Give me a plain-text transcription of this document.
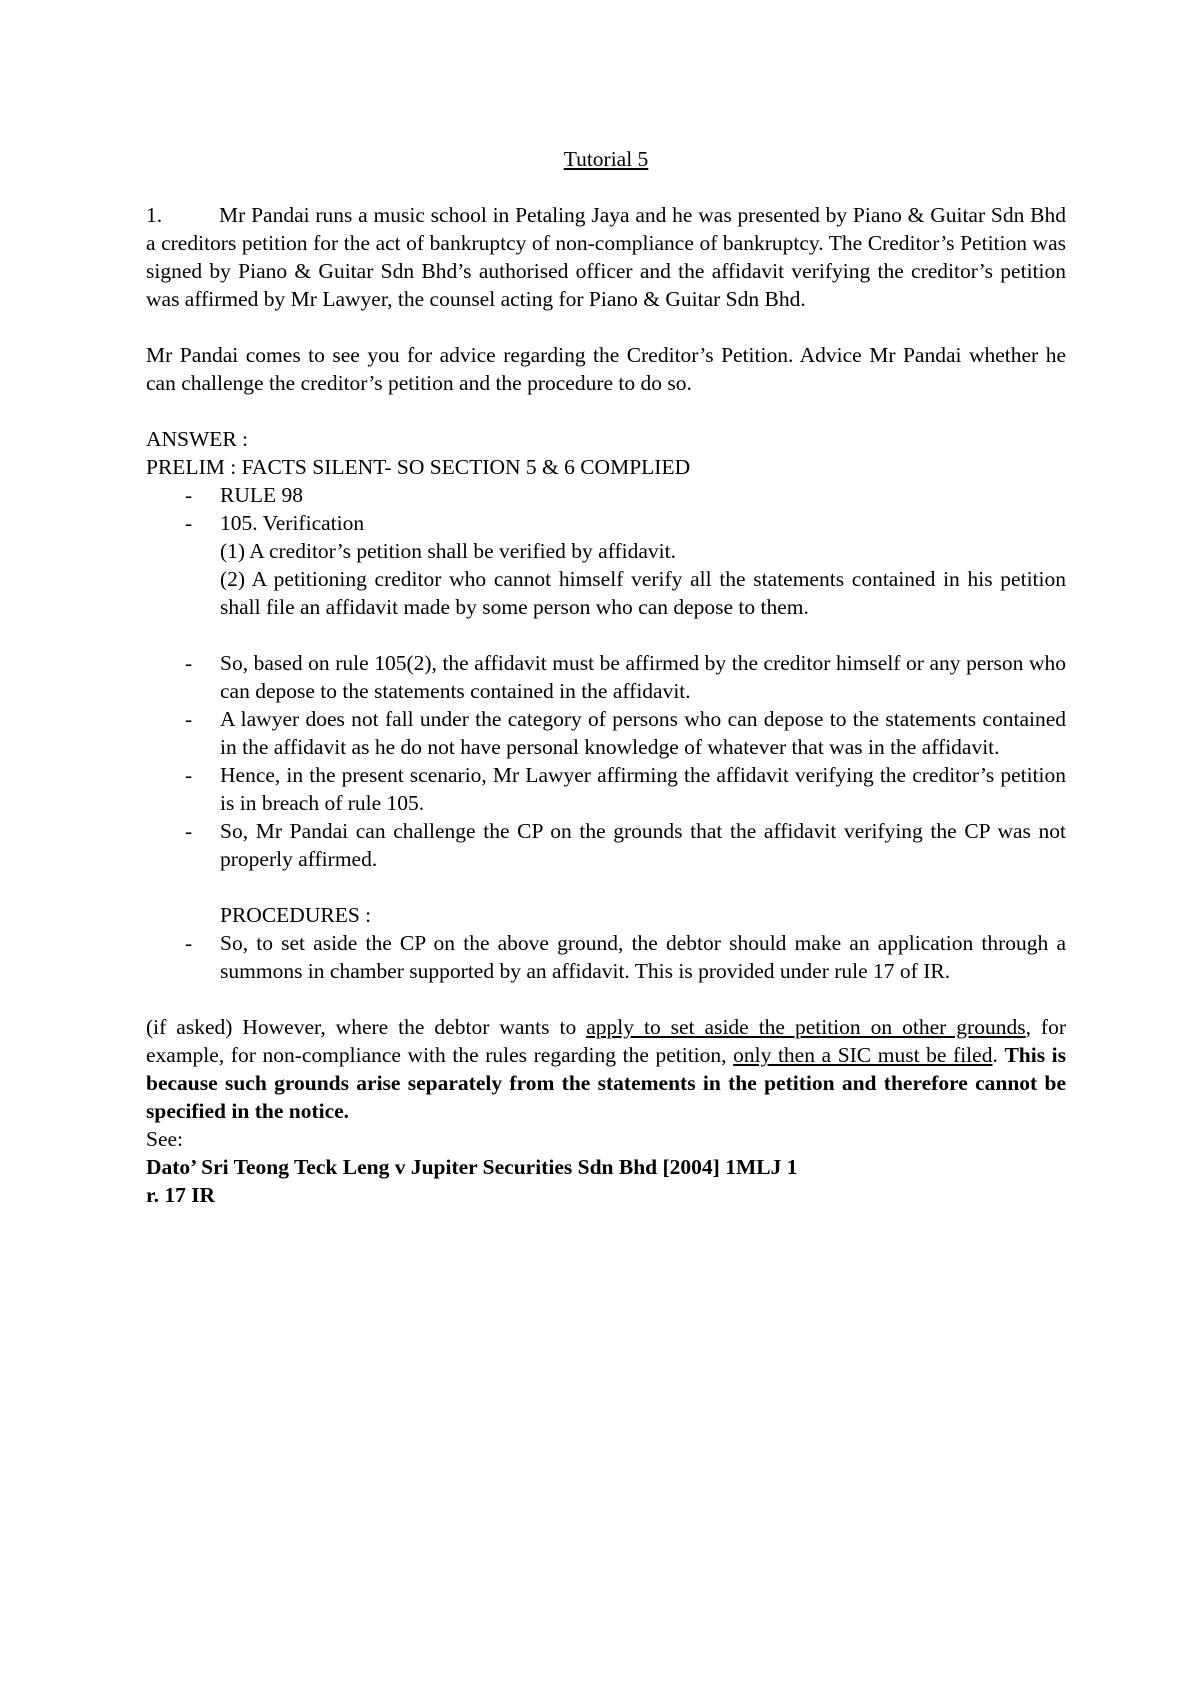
Tutorial 5

1.	Mr Pandai runs a music school in Petaling Jaya and he was presented by Piano & Guitar Sdn Bhd a creditors petition for the act of bankruptcy of non-compliance of bankruptcy. The Creditor’s Petition was signed by Piano & Guitar Sdn Bhd’s authorised officer and the affidavit verifying the creditor’s petition was affirmed by Mr Lawyer, the counsel acting for Piano & Guitar Sdn Bhd.

Mr Pandai comes to see you for advice regarding the Creditor’s Petition. Advice Mr Pandai whether he can challenge the creditor’s petition and the procedure to do so.

ANSWER :

PRELIM : FACTS SILENT- SO SECTION 5 & 6 COMPLIED

- RULE 98
- 105. Verification
(1) A creditor’s petition shall be verified by affidavit.
(2) A petitioning creditor who cannot himself verify all the statements contained in his petition shall file an affidavit made by some person who can depose to them.
- So, based on rule 105(2), the affidavit must be affirmed by the creditor himself or any person who can depose to the statements contained in the affidavit.
- A lawyer does not fall under the category of persons who can depose to the statements contained in the affidavit as he do not have personal knowledge of whatever that was in the affidavit.
- Hence, in the present scenario, Mr Lawyer affirming the affidavit verifying the creditor’s petition is in breach of rule 105.
- So, Mr Pandai can challenge the CP on the grounds that the affidavit verifying the CP was not properly affirmed.

PROCEDURES :

- So, to set aside the CP on the above ground, the debtor should make an application through a summons in chamber supported by an affidavit. This is provided under rule 17 of IR.

(if asked) However, where the debtor wants to apply to set aside the petition on other grounds, for example, for non-compliance with the rules regarding the petition, only then a SIC must be filed. This is because such grounds arise separately from the statements in the petition and therefore cannot be specified in the notice.

See:

Dato’ Sri Teong Teck Leng v Jupiter Securities Sdn Bhd [2004] 1MLJ 1

r. 17 IR
